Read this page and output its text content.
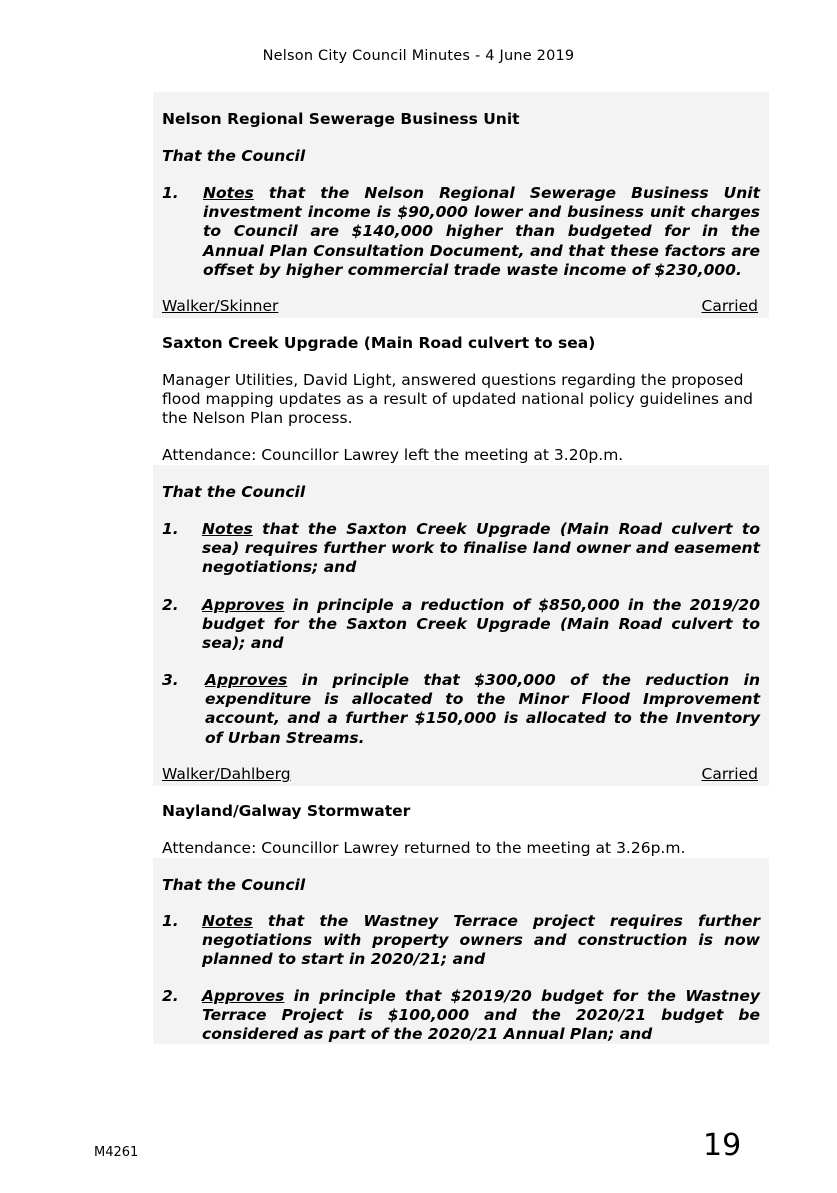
Nelson City Council Minutes - 4 June 2019
Nelson Regional Sewerage Business Unit
That the Council
1. Notes that the Nelson Regional Sewerage Business Unit investment income is $90,000 lower and business unit charges to Council are $140,000 higher than budgeted for in the Annual Plan Consultation Document, and that these factors are offset by higher commercial trade waste income of $230,000.
Walker/Skinner	Carried
Saxton Creek Upgrade (Main Road culvert to sea)
Manager Utilities, David Light, answered questions regarding the proposed flood mapping updates as a result of updated national policy guidelines and the Nelson Plan process.
Attendance: Councillor Lawrey left the meeting at 3.20p.m.
That the Council
1. Notes that the Saxton Creek Upgrade (Main Road culvert to sea) requires further work to finalise land owner and easement negotiations; and
2. Approves in principle a reduction of $850,000 in the 2019/20 budget for the Saxton Creek Upgrade (Main Road culvert to sea); and
3. Approves in principle that $300,000 of the reduction in expenditure is allocated to the Minor Flood Improvement account, and a further $150,000 is allocated to the Inventory of Urban Streams.
Walker/Dahlberg	Carried
Nayland/Galway Stormwater
Attendance: Councillor Lawrey returned to the meeting at 3.26p.m.
That the Council
1. Notes that the Wastney Terrace project requires further negotiations with property owners and construction is now planned to start in 2020/21; and
2. Approves in principle that $2019/20 budget for the Wastney Terrace Project is $100,000 and the 2020/21 budget be considered as part of the 2020/21 Annual Plan; and
M4261	19
